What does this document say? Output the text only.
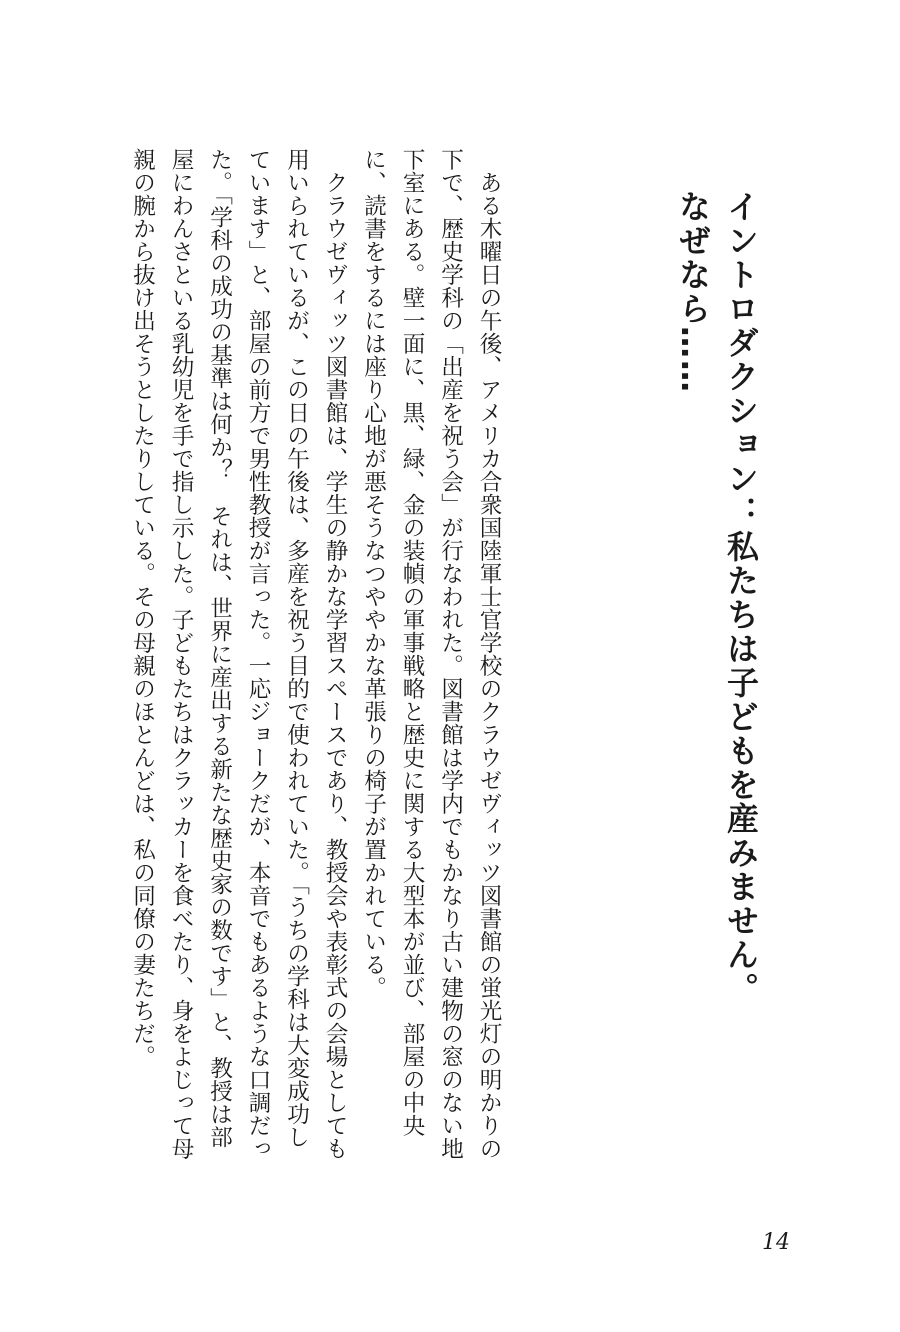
イントロダクション：私たちは子どもを産みません。
なぜなら……

ある木曜日の午後、アメリカ合衆国陸軍士官学校のクラウゼヴィッツ図書館の蛍光灯の明かりの下で、歴史学科の「出産を祝う会」が行なわれた。図書館は学内でもかなり古い建物の窓のない地下室にある。壁一面に、黒、緑、金の装幀の軍事戦略と歴史に関する大型本が並び、部屋の中央に、読書をするには座り心地が悪そうなつややかな革張りの椅子が置かれている。

クラウゼヴィッツ図書館は、学生の静かな学習スペースであり、教授会や表彰式の会場としても用いられているが、この日の午後は、多産を祝う目的で使われていた。「うちの学科は大変成功しています」と、部屋の前方で男性教授が言った。一応ジョークだが、本音でもあるような口調だった。「学科の成功の基準は何か？　それは、世界に産出する新たな歴史家の数です」と、教授は部屋にわんさといる乳幼児を手で指し示した。子どもたちはクラッカーを食べたり、身をよじって母親の腕から抜け出そうとしたりしている。その母親のほとんどは、私の同僚の妻たちだ。

14
